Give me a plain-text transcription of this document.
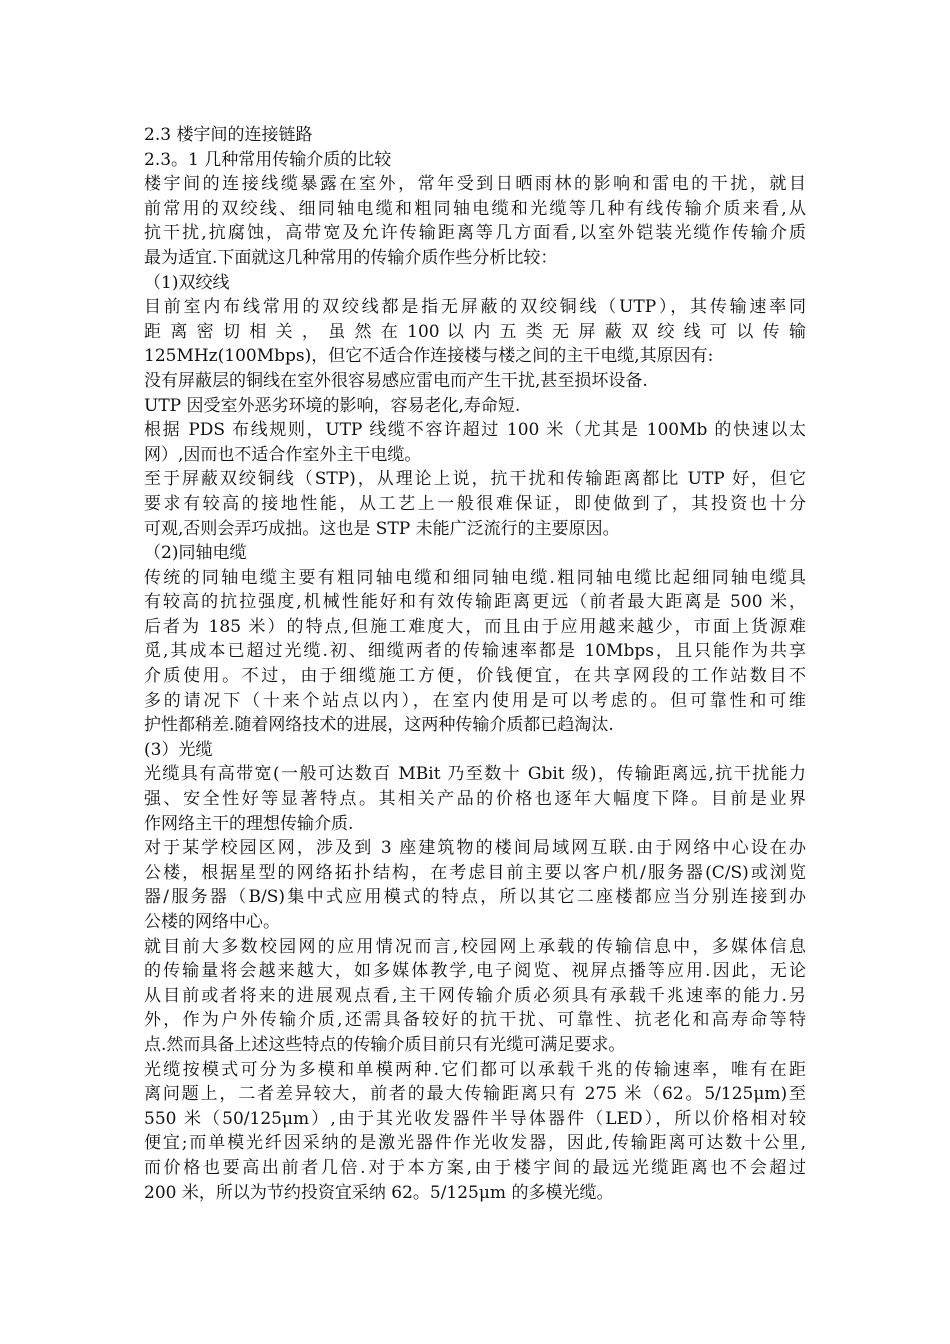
2.3 楼宇间的连接链路
2.3。1 几种常用传输介质的比较
楼宇间的连接线缆暴露在室外，常年受到日晒雨林的影响和雷电的干扰，就目
前常用的双绞线、细同轴电缆和粗同轴电缆和光缆等几种有线传输介质来看,从
抗干扰,抗腐蚀，高带宽及允许传输距离等几方面看,以室外铠装光缆作传输介质
最为适宜.下面就这几种常用的传输介质作些分析比较：
（1)双绞线
目前室内布线常用的双绞线都是指无屏蔽的双绞铜线（UTP），其传输速率同
距 离 密 切 相 关 ， 虽 然 在 100 以 内 五 类 无 屏 蔽 双 绞 线 可 以 传 输
125MHz(100Mbps)，但它不适合作连接楼与楼之间的主干电缆,其原因有:
没有屏蔽层的铜线在室外很容易感应雷电而产生干扰,甚至损坏设备.
UTP 因受室外恶劣环境的影响，容易老化,寿命短.
根据 PDS 布线规则，UTP 线缆不容许超过 100 米（尤其是 100Mb 的快速以太
网）,因而也不适合作室外主干电缆。
至于屏蔽双绞铜线（STP)，从理论上说，抗干扰和传输距离都比 UTP 好，但它
要求有较高的接地性能，从工艺上一般很难保证，即使做到了，其投资也十分
可观,否则会弄巧成拙。这也是 STP 未能广泛流行的主要原因。
（2)同轴电缆
传统的同轴电缆主要有粗同轴电缆和细同轴电缆.粗同轴电缆比起细同轴电缆具
有较高的抗拉强度,机械性能好和有效传输距离更远（前者最大距离是 500 米，
后者为 185 米）的特点,但施工难度大，而且由于应用越来越少，市面上货源难
觅,其成本已超过光缆.初、细缆两者的传输速率都是 10Mbps，且只能作为共享
介质使用。不过，由于细缆施工方便，价钱便宜，在共享网段的工作站数目不
多的请况下（十来个站点以内），在室内使用是可以考虑的。但可靠性和可维
护性都稍差.随着网络技术的进展，这两种传输介质都已趋淘汰.
(3）光缆
光缆具有高带宽(一般可达数百 MBit 乃至数十 Gbit 级)，传输距离远,抗干扰能力
强、安全性好等显著特点。其相关产品的价格也逐年大幅度下降。目前是业界
作网络主干的理想传输介质.
对于某学校园区网，涉及到 3 座建筑物的楼间局域网互联.由于网络中心设在办
公楼，根据星型的网络拓扑结构，在考虑目前主要以客户机/服务器(C/S)或浏览
器/服务器（B/S)集中式应用模式的特点，所以其它二座楼都应当分别连接到办
公楼的网络中心。
就目前大多数校园网的应用情况而言,校园网上承载的传输信息中，多媒体信息
的传输量将会越来越大，如多媒体教学,电子阅览、视屏点播等应用.因此，无论
从目前或者将来的进展观点看,主干网传输介质必须具有承载千兆速率的能力.另
外，作为户外传输介质,还需具备较好的抗干扰、可靠性、抗老化和高寿命等特
点.然而具备上述这些特点的传输介质目前只有光缆可满足要求。
光缆按模式可分为多模和单模两种.它们都可以承载千兆的传输速率，唯有在距
离问题上，二者差异较大，前者的最大传输距离只有 275 米（62。5/125μm)至
550 米（50/125μm）,由于其光收发器件半导体器件（LED），所以价格相对较
便宜;而单模光纤因采纳的是激光器件作光收发器，因此,传输距离可达数十公里,
而价格也要高出前者几倍.对于本方案,由于楼宇间的最远光缆距离也不会超过
200 米，所以为节约投资宜采纳 62。5/125μm 的多模光缆。
